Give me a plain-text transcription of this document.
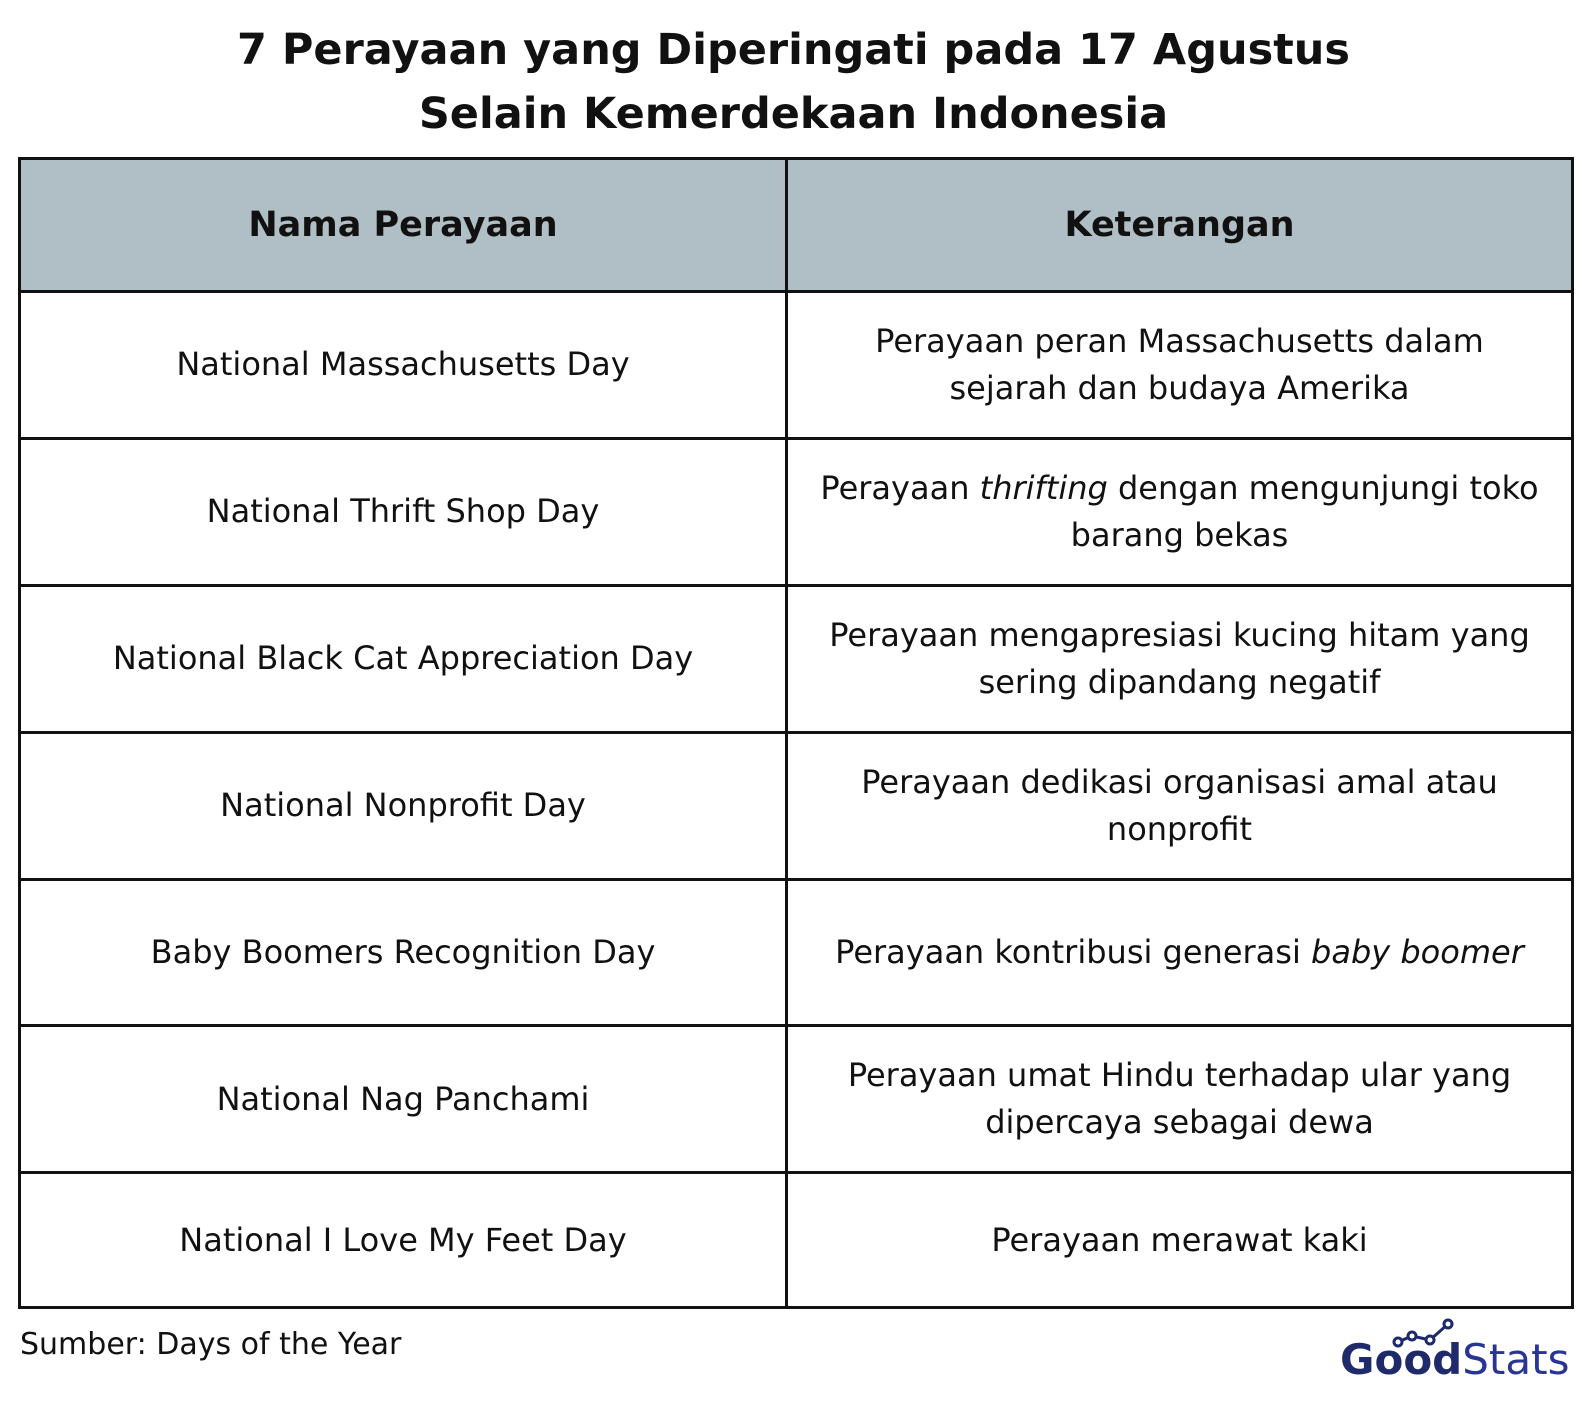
7 Perayaan yang Diperingati pada 17 Agustus
Selain Kemerdekaan Indonesia
Nama Perayaan	Keterangan
National Massachusetts Day	Perayaan peran Massachusetts dalam sejarah dan budaya Amerika
National Thrift Shop Day	Perayaan thrifting dengan mengunjungi toko barang bekas
National Black Cat Appreciation Day	Perayaan mengapresiasi kucing hitam yang sering dipandang negatif
National Nonprofit Day	Perayaan dedikasi organisasi amal atau nonprofit
Baby Boomers Recognition Day	Perayaan kontribusi generasi baby boomer
National Nag Panchami	Perayaan umat Hindu terhadap ular yang dipercaya sebagai dewa
National I Love My Feet Day	Perayaan merawat kaki
Sumber: Days of the Year	GoodStats
